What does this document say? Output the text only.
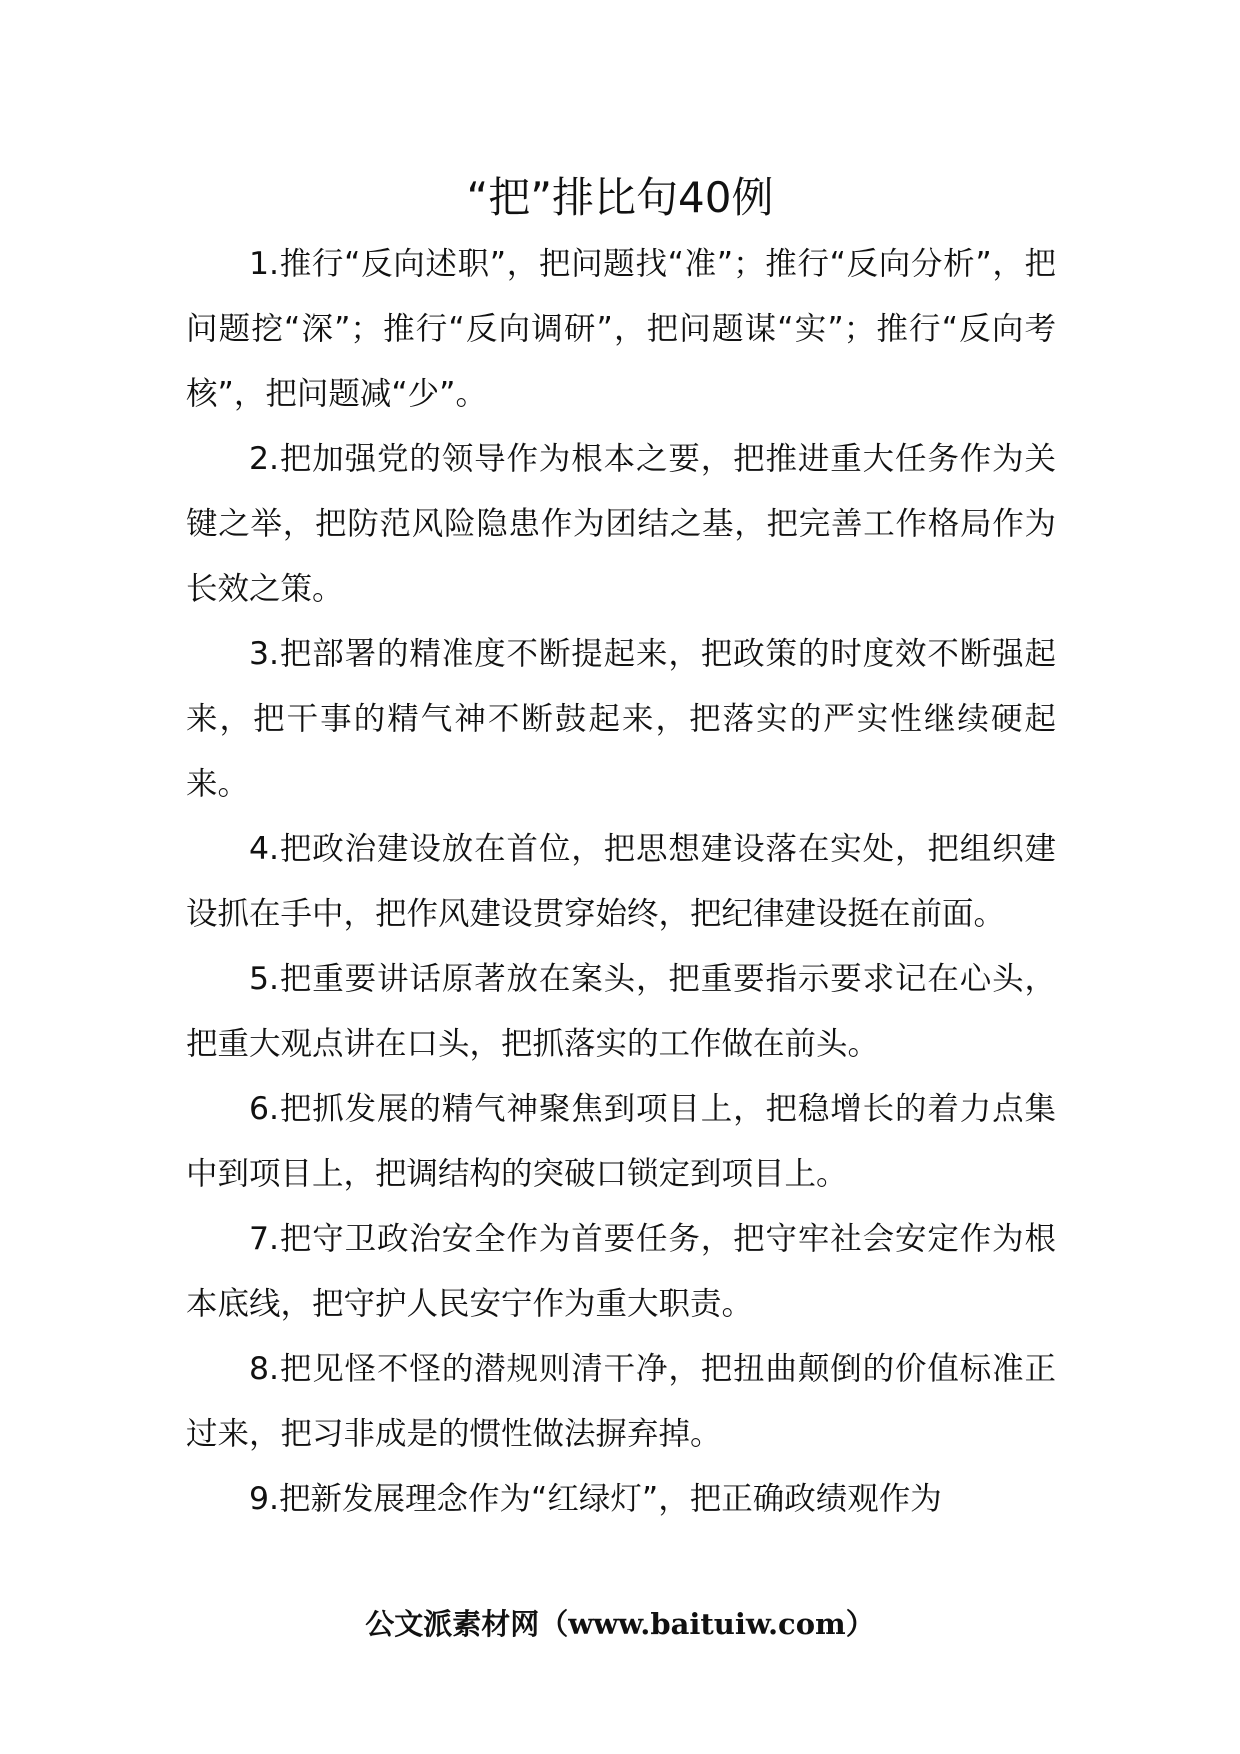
“把”排比句40例

1.推行“反向述职”，把问题找“准”；推行“反向分析”，把问题挖“深”；推行“反向调研”，把问题谋“实”；推行“反向考核”，把问题减“少”。

2.把加强党的领导作为根本之要，把推进重大任务作为关键之举，把防范风险隐患作为团结之基，把完善工作格局作为长效之策。

3.把部署的精准度不断提起来，把政策的时度效不断强起来，把干事的精气神不断鼓起来，把落实的严实性继续硬起来。

4.把政治建设放在首位，把思想建设落在实处，把组织建设抓在手中，把作风建设贯穿始终，把纪律建设挺在前面。

5.把重要讲话原著放在案头，把重要指示要求记在心头，把重大观点讲在口头，把抓落实的工作做在前头。

6.把抓发展的精气神聚焦到项目上，把稳增长的着力点集中到项目上，把调结构的突破口锁定到项目上。

7.把守卫政治安全作为首要任务，把守牢社会安定作为根本底线，把守护人民安宁作为重大职责。

8.把见怪不怪的潜规则清干净，把扭曲颠倒的价值标准正过来，把习非成是的惯性做法摒弃掉。

9.把新发展理念作为“红绿灯”，把正确政绩观作为

公文派素材网（www.baituiw.com）
